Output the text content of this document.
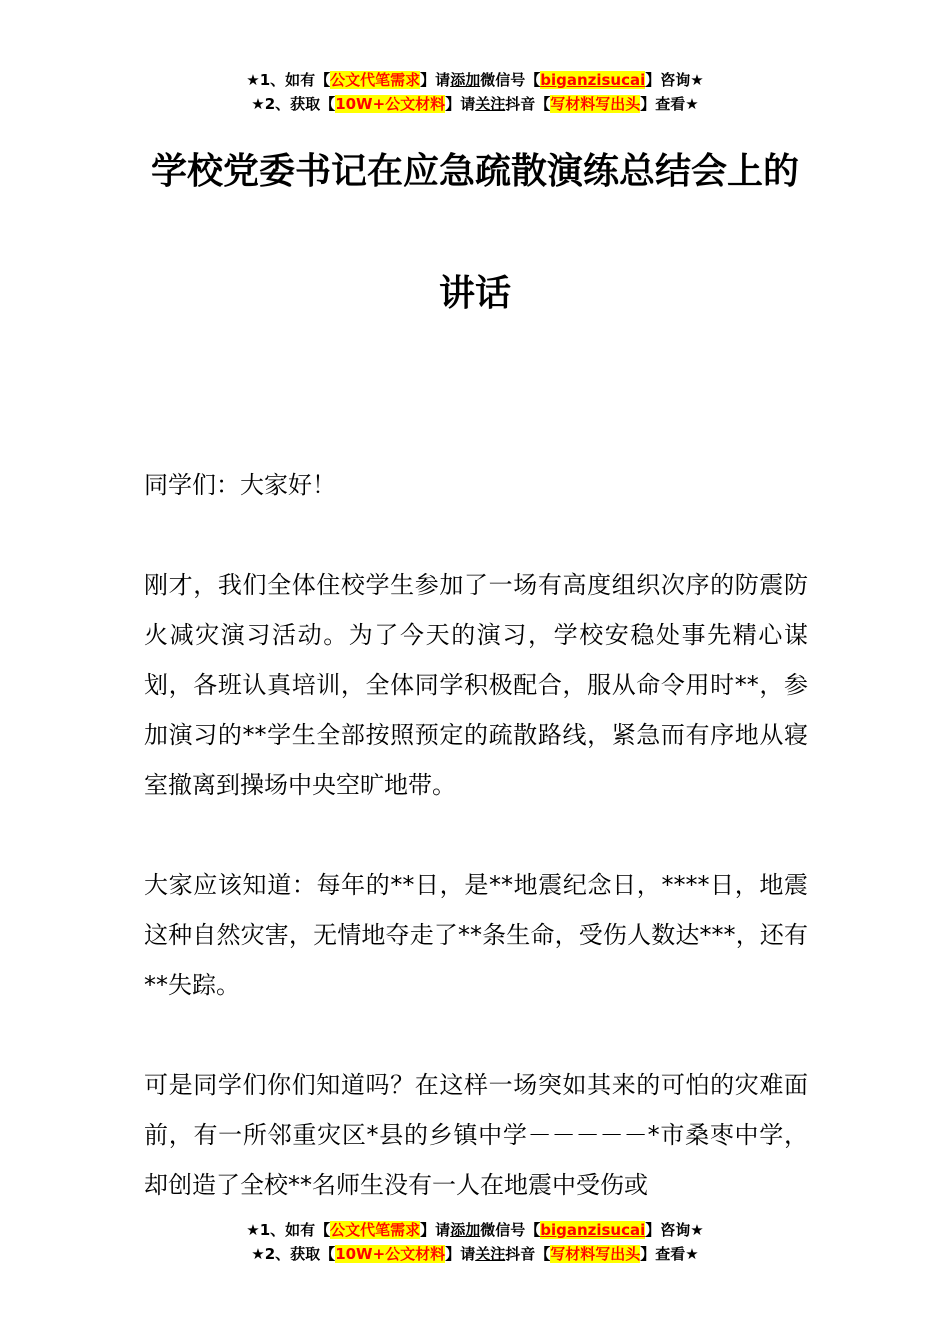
★1、如有【公文代笔需求】请添加微信号【biganzisucai】咨询★
★2、获取【10W+公文材料】请关注抖音【写材料写出头】查看★
学校党委书记在应急疏散演练总结会上的
讲话

同学们：大家好！

刚才，我们全体住校学生参加了一场有高度组织次序的防震防火减灾演习活动。为了今天的演习，学校安稳处事先精心谋划，各班认真培训，全体同学积极配合，服从命令用时**，参加演习的**学生全部按照预定的疏散路线，紧急而有序地从寝室撤离到操场中央空旷地带。

大家应该知道：每年的**日，是**地震纪念日，****日，地震这种自然灾害，无情地夺走了**条生命，受伤人数达***，还有**失踪。

可是同学们你们知道吗？在这样一场突如其来的可怕的灾难面前，有一所邻重灾区*县的乡镇中学－－－－－*市桑枣中学，却创造了全校**名师生没有一人在地震中受伤或

★1、如有【公文代笔需求】请添加微信号【biganzisucai】咨询★
★2、获取【10W+公文材料】请关注抖音【写材料写出头】查看★
